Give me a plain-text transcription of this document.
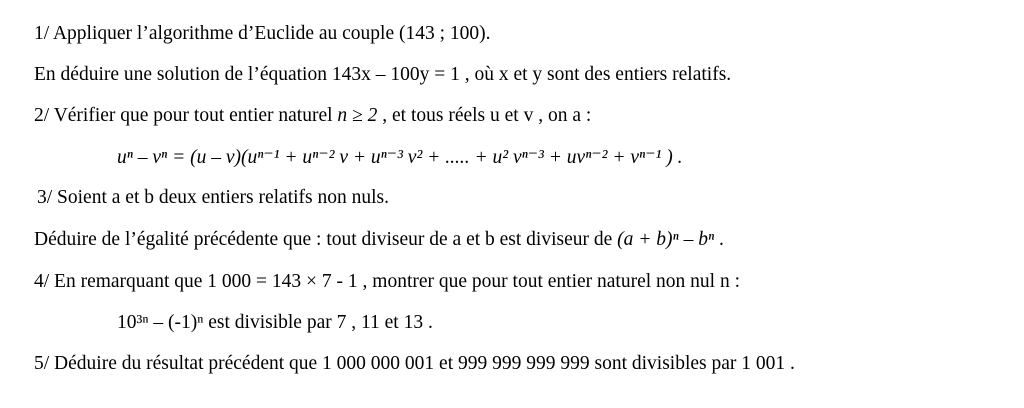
1/ Appliquer l’algorithme d’Euclide au couple (143 ; 100).
En déduire une solution de l’équation 143x – 100y = 1 , où x et y sont des entiers relatifs.
2/ Vérifier que pour tout entier naturel n ≥ 2 , et tous réels u et v , on a :
uⁿ – vⁿ = (u – v)(uⁿ⁻¹ + uⁿ⁻² v + uⁿ⁻³ v² + ..... + u² vⁿ⁻³ + uvⁿ⁻² + vⁿ⁻¹ ) .
3/ Soient a et b deux entiers relatifs non nuls.
Déduire de l’égalité précédente que : tout diviseur de a et b est diviseur de (a + b)ⁿ – bⁿ .
4/ En remarquant que 1 000 = 143 × 7 - 1 , montrer que pour tout entier naturel non nul n :
10³ⁿ – (-1)ⁿ est divisible par 7 , 11 et 13 .
5/ Déduire du résultat précédent que 1 000 000 001 et 999 999 999 999 sont divisibles par 1 001 .
